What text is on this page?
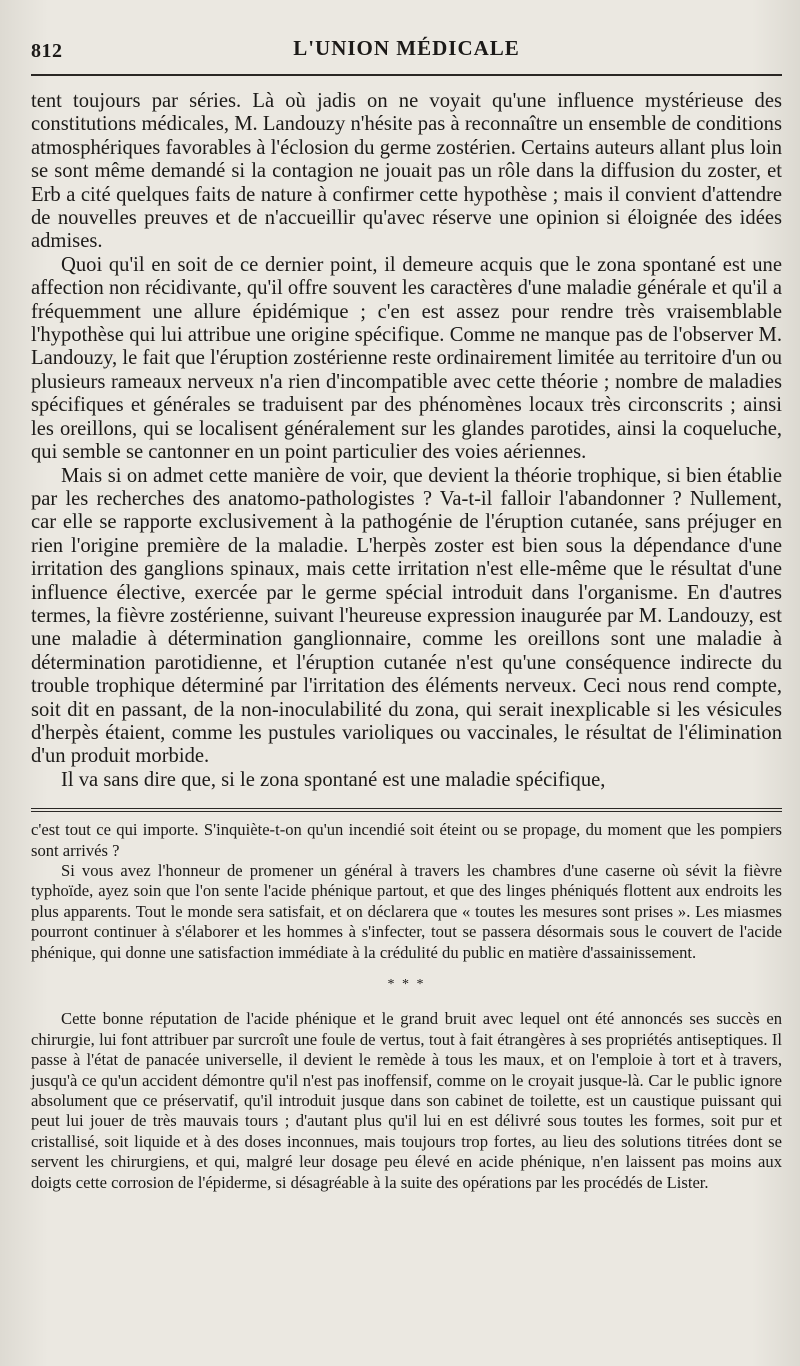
812	L'UNION MÉDICALE

tent toujours par séries. Là où jadis on ne voyait qu'une influence mystérieuse des constitutions médicales, M. Landouzy n'hésite pas à reconnaître un ensemble de conditions atmosphériques favorables à l'éclosion du germe zostérien. Certains auteurs allant plus loin se sont même demandé si la contagion ne jouait pas un rôle dans la diffusion du zoster, et Erb a cité quelques faits de nature à confirmer cette hypothèse ; mais il convient d'attendre de nouvelles preuves et de n'accueillir qu'avec réserve une opinion si éloignée des idées admises.

Quoi qu'il en soit de ce dernier point, il demeure acquis que le zona spontané est une affection non récidivante, qu'il offre souvent les caractères d'une maladie générale et qu'il a fréquemment une allure épidémique ; c'en est assez pour rendre très vraisemblable l'hypothèse qui lui attribue une origine spécifique. Comme ne manque pas de l'observer M. Landouzy, le fait que l'éruption zostérienne reste ordinairement limitée au territoire d'un ou plusieurs rameaux nerveux n'a rien d'incompatible avec cette théorie ; nombre de maladies spécifiques et générales se traduisent par des phénomènes locaux très circonscrits ; ainsi les oreillons, qui se localisent généralement sur les glandes parotides, ainsi la coqueluche, qui semble se cantonner en un point particulier des voies aériennes.

Mais si on admet cette manière de voir, que devient la théorie trophique, si bien établie par les recherches des anatomo-pathologistes ? Va-t-il falloir l'abandonner ? Nullement, car elle se rapporte exclusivement à la pathogénie de l'éruption cutanée, sans préjuger en rien l'origine première de la maladie. L'herpès zoster est bien sous la dépendance d'une irritation des ganglions spinaux, mais cette irritation n'est elle-même que le résultat d'une influence élective, exercée par le germe spécial introduit dans l'organisme. En d'autres termes, la fièvre zostérienne, suivant l'heureuse expression inaugurée par M. Landouzy, est une maladie à détermination ganglionnaire, comme les oreillons sont une maladie à détermination parotidienne, et l'éruption cutanée n'est qu'une conséquence indirecte du trouble trophique déterminé par l'irritation des éléments nerveux. Ceci nous rend compte, soit dit en passant, de la non-inoculabilité du zona, qui serait inexplicable si les vésicules d'herpès étaient, comme les pustules varioliques ou vaccinales, le résultat de l'élimination d'un produit morbide.

Il va sans dire que, si le zona spontané est une maladie spécifique,

c'est tout ce qui importe. S'inquiète-t-on qu'un incendié soit éteint ou se propage, du moment que les pompiers sont arrivés ?

Si vous avez l'honneur de promener un général à travers les chambres d'une caserne où sévit la fièvre typhoïde, ayez soin que l'on sente l'acide phénique partout, et que des linges phéniqués flottent aux endroits les plus apparents. Tout le monde sera satisfait, et on déclarera que « toutes les mesures sont prises ». Les miasmes pourront continuer à s'élaborer et les hommes à s'infecter, tout se passera désormais sous le couvert de l'acide phénique, qui donne une satisfaction immédiate à la crédulité du public en matière d'assainissement.

* * *

Cette bonne réputation de l'acide phénique et le grand bruit avec lequel ont été annoncés ses succès en chirurgie, lui font attribuer par surcroît une foule de vertus, tout à fait étrangères à ses propriétés antiseptiques. Il passe à l'état de panacée universelle, il devient le remède à tous les maux, et on l'emploie à tort et à travers, jusqu'à ce qu'un accident démontre qu'il n'est pas inoffensif, comme on le croyait jusque-là. Car le public ignore absolument que ce préservatif, qu'il introduit jusque dans son cabinet de toilette, est un caustique puissant qui peut lui jouer de très mauvais tours ; d'autant plus qu'il lui en est délivré sous toutes les formes, soit pur et cristallisé, soit liquide et à des doses inconnues, mais toujours trop fortes, au lieu des solutions titrées dont se servent les chirurgiens, et qui, malgré leur dosage peu élevé en acide phénique, n'en laissent pas moins aux doigts cette corrosion de l'épiderme, si désagréable à la suite des opérations par les procédés de Lister.
